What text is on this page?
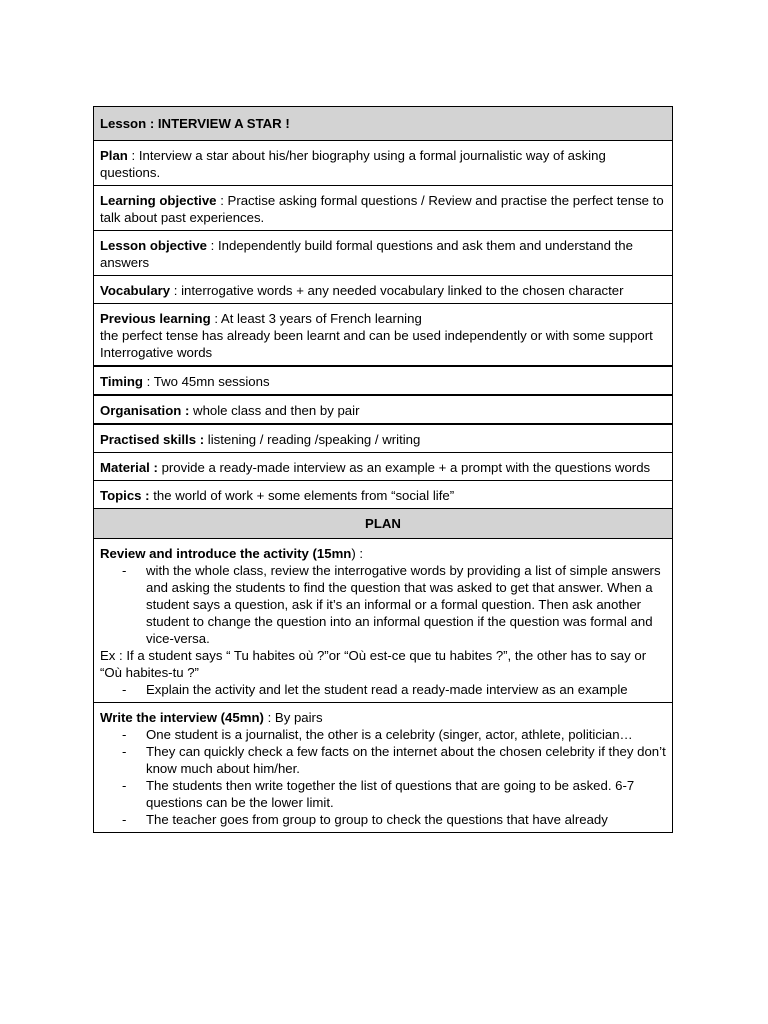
Lesson : INTERVIEW A STAR !
Plan : Interview a star about his/her biography using a formal journalistic way of asking questions.
Learning objective : Practise asking formal questions / Review and practise the perfect tense to talk about past experiences.
Lesson objective : Independently build formal questions and ask them and understand the answers
Vocabulary : interrogative words + any needed vocabulary linked to the chosen character
Previous learning : At least 3 years of French learning
the perfect tense has already been learnt and can be used independently or with some support
Interrogative words
Timing : Two 45mn sessions
Organisation : whole class and then by pair
Practised skills : listening / reading /speaking / writing
Material : provide a ready-made interview as an example + a prompt with the questions words
Topics : the world of work + some elements from “social life”
PLAN
Review and introduce the activity (15mn) :
- with the whole class, review the interrogative words by providing a list of simple answers and asking the students to find the question that was asked to get that answer. When a student says a question, ask if it’s an informal or a formal question. Then ask another student to change the question into an informal question if the question was formal and vice-versa.
Ex : If a student says “ Tu habites où ?”or “Où est-ce que tu habites ?”, the other has to say or “Où habites-tu ?”
- Explain the activity and let the student read a ready-made interview as an example
Write the interview (45mn) : By pairs
- One student is a journalist, the other is a celebrity (singer, actor, athlete, politician…
- They can quickly check a few facts on the internet about the chosen celebrity if they don’t know much about him/her.
- The students then write together the list of questions that are going to be asked. 6-7 questions can be the lower limit.
- The teacher goes from group to group to check the questions that have already
